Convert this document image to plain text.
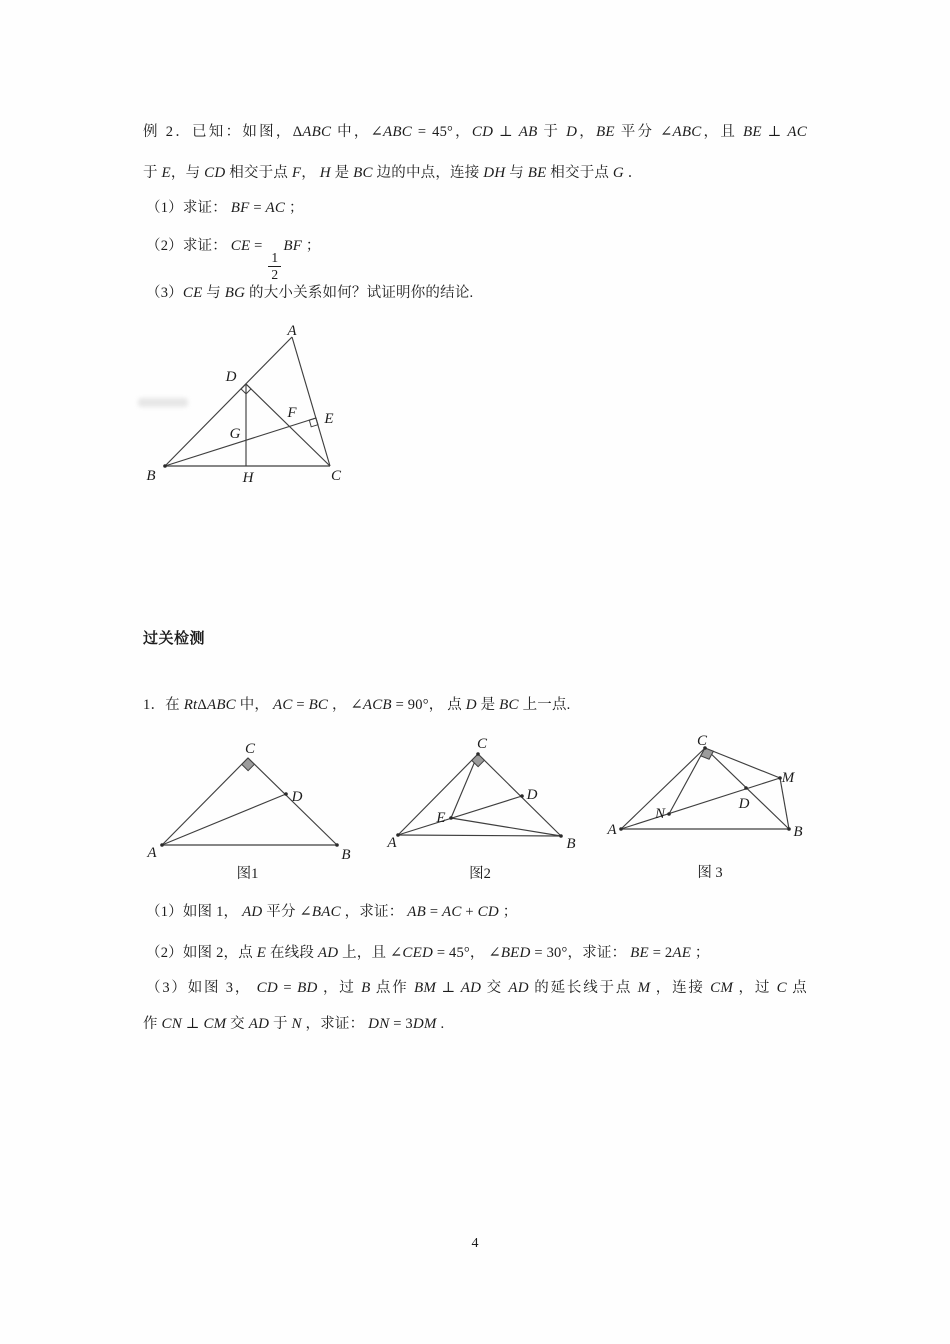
例 2．已知：如图，ΔABC 中，∠ABC = 45°，CD ⊥ AB 于 D，BE 平分 ∠ABC，且 BE ⊥ AC
于 E，与 CD 相交于点 F， H 是 BC 边的中点，连接 DH 与 BE 相交于点 G ．
（1）求证： BF = AC ；
（2）求证： CE =
$\frac{1}{2}$
BF ；
（3）CE 与 BG 的大小关系如何？试证明你的结论.
A
B	C
D
E
F
G
H
过关检测
1．在 RtΔABC 中， AC = BC ， ∠ACB = 90°， 点 D 是 BC 上一点.
A	B
C
D
A	B
C
D
E
A	B
C
M
D
N
图1	图2	图 3
（1）如图 1， AD 平分 ∠BAC ，求证： AB = AC + CD ；
（2）如图 2，点 E 在线段 AD 上，且 ∠CED = 45°， ∠BED = 30°，求证： BE = 2AE ；
（3）如图 3， CD = BD ，过 B 点作 BM ⊥ AD 交 AD 的延长线于点 M ，连接 CM ，过 C 点
作 CN ⊥ CM 交 AD 于 N ，求证： DN = 3DM .
4
